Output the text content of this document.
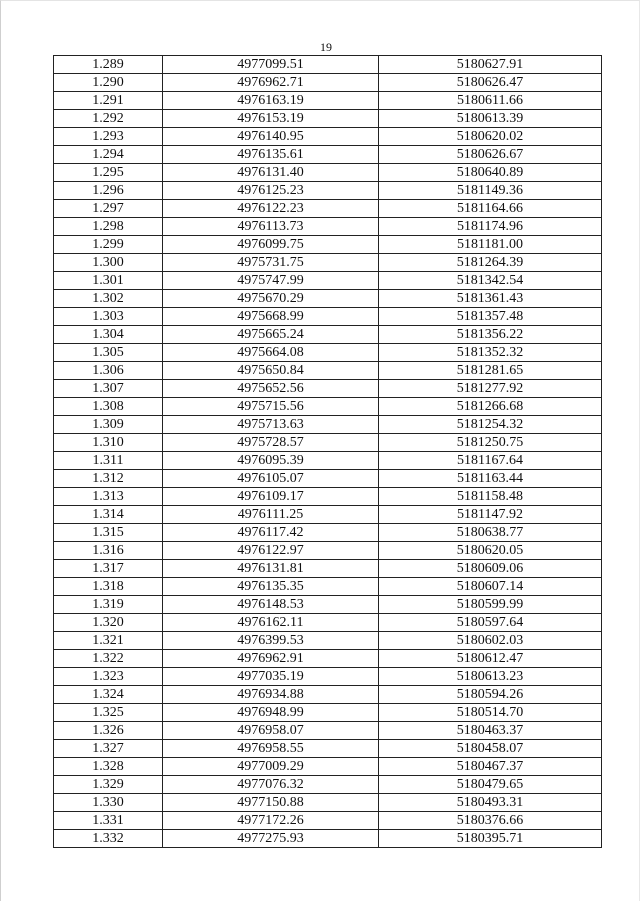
19
1.289	4977099.51	5180627.91
1.290	4976962.71	5180626.47
1.291	4976163.19	5180611.66
1.292	4976153.19	5180613.39
1.293	4976140.95	5180620.02
1.294	4976135.61	5180626.67
1.295	4976131.40	5180640.89
1.296	4976125.23	5181149.36
1.297	4976122.23	5181164.66
1.298	4976113.73	5181174.96
1.299	4976099.75	5181181.00
1.300	4975731.75	5181264.39
1.301	4975747.99	5181342.54
1.302	4975670.29	5181361.43
1.303	4975668.99	5181357.48
1.304	4975665.24	5181356.22
1.305	4975664.08	5181352.32
1.306	4975650.84	5181281.65
1.307	4975652.56	5181277.92
1.308	4975715.56	5181266.68
1.309	4975713.63	5181254.32
1.310	4975728.57	5181250.75
1.311	4976095.39	5181167.64
1.312	4976105.07	5181163.44
1.313	4976109.17	5181158.48
1.314	4976111.25	5181147.92
1.315	4976117.42	5180638.77
1.316	4976122.97	5180620.05
1.317	4976131.81	5180609.06
1.318	4976135.35	5180607.14
1.319	4976148.53	5180599.99
1.320	4976162.11	5180597.64
1.321	4976399.53	5180602.03
1.322	4976962.91	5180612.47
1.323	4977035.19	5180613.23
1.324	4976934.88	5180594.26
1.325	4976948.99	5180514.70
1.326	4976958.07	5180463.37
1.327	4976958.55	5180458.07
1.328	4977009.29	5180467.37
1.329	4977076.32	5180479.65
1.330	4977150.88	5180493.31
1.331	4977172.26	5180376.66
1.332	4977275.93	5180395.71
